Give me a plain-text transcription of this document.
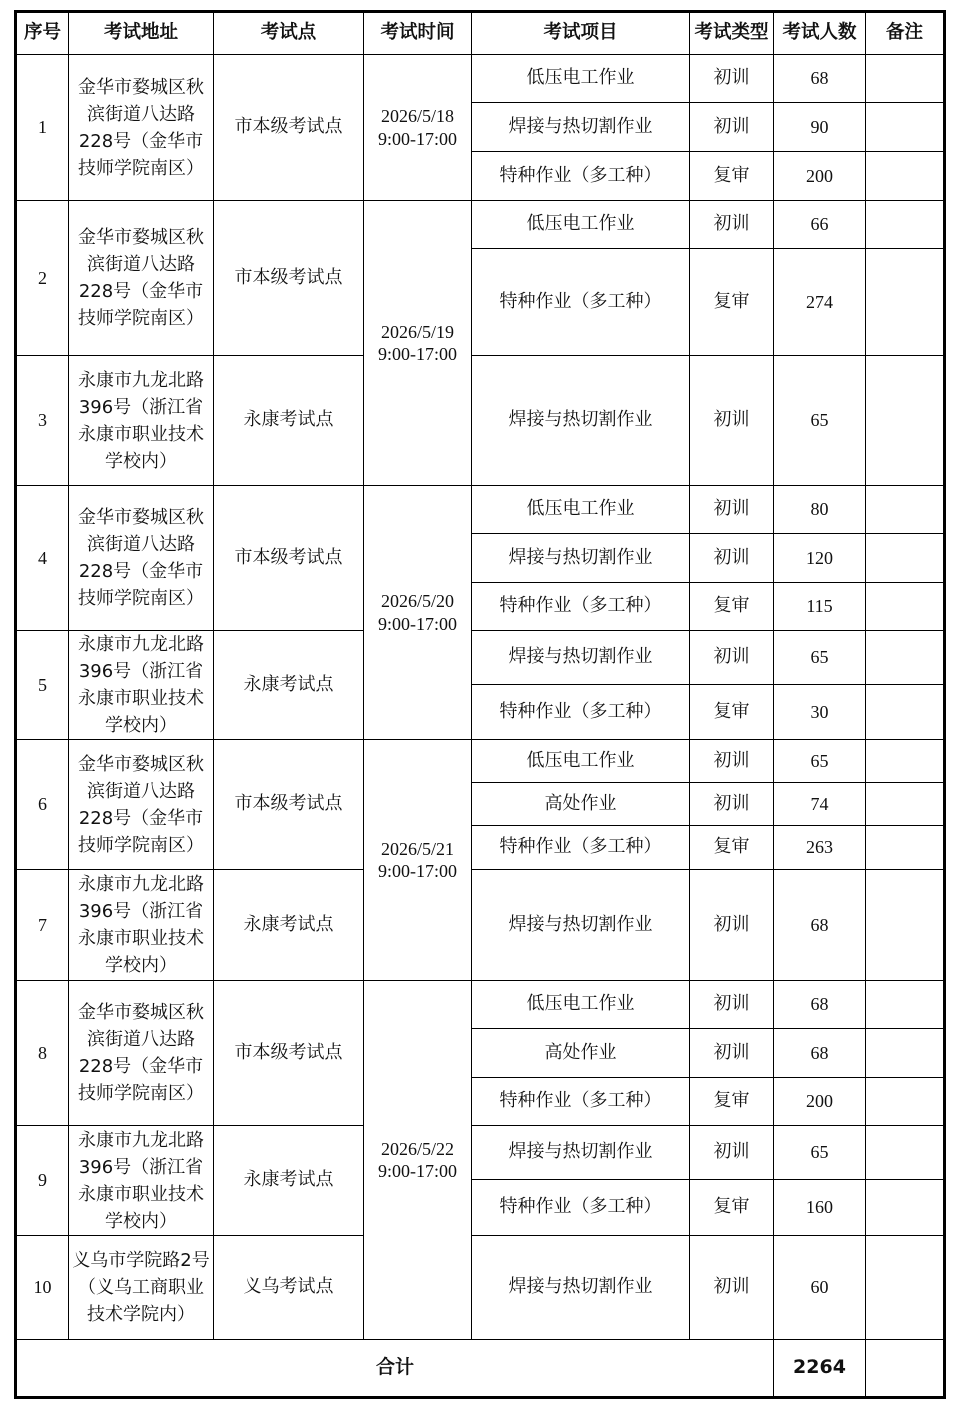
序号	考试地址	考试点	考试时间	考试项目	考试类型	考试人数	备注
1	金华市婺城区秋滨街道八达路228号（金华市技师学院南区）	市本级考试点	2026/5/18 9:00-17:00	低压电工作业	初训	68	
				焊接与热切割作业	初训	90	
				特种作业（多工种）	复审	200	
2	金华市婺城区秋滨街道八达路228号（金华市技师学院南区）	市本级考试点	2026/5/19 9:00-17:00	低压电工作业	初训	66	
				特种作业（多工种）	复审	274	
3	永康市九龙北路396号（浙江省永康市职业技术学校内）	永康考试点		焊接与热切割作业	初训	65	
4	金华市婺城区秋滨街道八达路228号（金华市技师学院南区）	市本级考试点	2026/5/20 9:00-17:00	低压电工作业	初训	80	
				焊接与热切割作业	初训	120	
				特种作业（多工种）	复审	115	
5	永康市九龙北路396号（浙江省永康市职业技术学校内）	永康考试点		焊接与热切割作业	初训	65	
				特种作业（多工种）	复审	30	
6	金华市婺城区秋滨街道八达路228号（金华市技师学院南区）	市本级考试点	2026/5/21 9:00-17:00	低压电工作业	初训	65	
				高处作业	初训	74	
				特种作业（多工种）	复审	263	
7	永康市九龙北路396号（浙江省永康市职业技术学校内）	永康考试点		焊接与热切割作业	初训	68	
8	金华市婺城区秋滨街道八达路228号（金华市技师学院南区）	市本级考试点	2026/5/22 9:00-17:00	低压电工作业	初训	68	
				高处作业	初训	68	
				特种作业（多工种）	复审	200	
9	永康市九龙北路396号（浙江省永康市职业技术学校内）	永康考试点		焊接与热切割作业	初训	65	
				特种作业（多工种）	复审	160	
10	义乌市学院路2号（义乌工商职业技术学院内）	义乌考试点		焊接与热切割作业	初训	60	
合计						2264	
